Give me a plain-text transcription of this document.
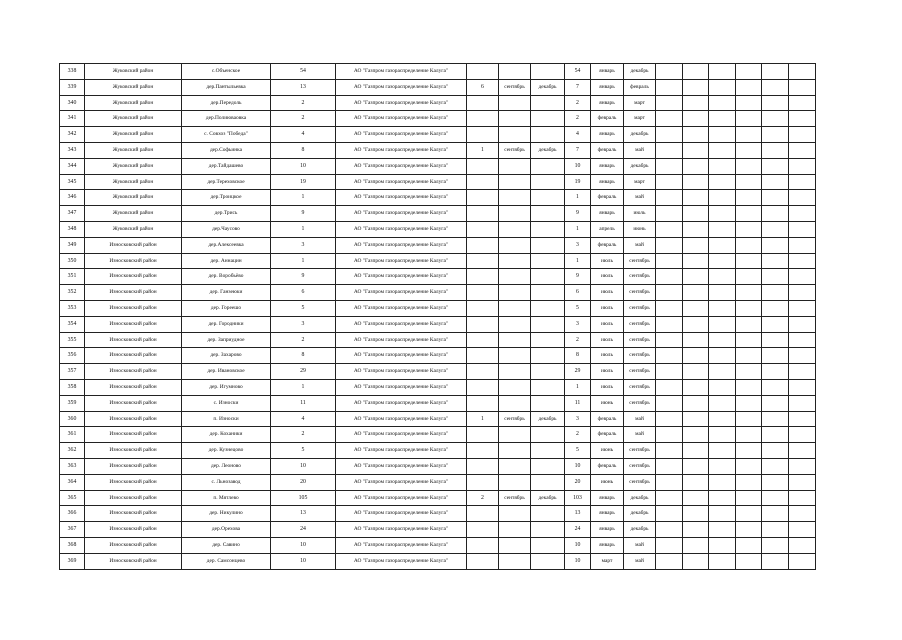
338	Жуковский район	с.Объенское	54	АО "Газпром газораспределение Калуга"				54	январь	декабрь						
339	Жуковский район	дер.Пантыльевка	13	АО "Газпром газораспределение Калуга"	6	сентябрь	декабрь	7	январь	февраль						
340	Жуковский район	дер.Передоль	2	АО "Газпром газораспределение Калуга"				2	январь	март						
341	Жуковский район	дер.Полиюваовка	2	АО "Газпром газораспределение Калуга"				2	февраль	март						
342	Жуковский район	с. Совхоз "Победа"	4	АО "Газпром газораспределение Калуга"				4	январь	декабрь						
343	Жуковский район	дер.Софьинка	8	АО "Газпром газораспределение Калуга"	1	сентябрь	декабрь	7	февраль	май						
344	Жуковский район	дер.Тайдашево	10	АО "Газпром газораспределение Калуга"				10	январь	декабрь						
345	Жуковский район	дер.Тереховское	19	АО "Газпром газораспределение Калуга"				19	январь	март						
346	Жуковский район	дер.Троицкое	1	АО "Газпром газораспределение Калуга"				1	февраль	май						
347	Жуковский район	дер.Трись	9	АО "Газпром газораспределение Калуга"				9	январь	июль						
348	Жуковский район	дер.Чаусово	1	АО "Газпром газораспределение Калуга"				1	апрель	июнь						
349	Износковский район	дер.Алексеевка	3	АО "Газпром газораспределение Калуга"				3	февраль	май						
350	Износковский район	дер. Аннацин	1	АО "Газпром газораспределение Калуга"				1	июль	сентябрь						
351	Износковский район	дер. Воробьёво	9	АО "Газпром газораспределение Калуга"				9	июль	сентябрь						
352	Износковский район	дер. Ганзеюки	6	АО "Газпром газораспределение Калуга"				6	июль	сентябрь						
353	Износковский район	дер. Гореешо	5	АО "Газпром газораспределение Калуга"				5	июль	сентябрь						
354	Износковский район	дер. Городники	3	АО "Газпром газораспределение Калуга"				3	июль	сентябрь						
355	Износковский район	дер. Заприудное	2	АО "Газпром газораспределение Калуга"				2	июль	сентябрь						
356	Износковский район	дер. Захарово	8	АО "Газпром газораспределение Калуга"				8	июль	сентябрь						
357	Износковский район	дер. Ивановское	29	АО "Газпром газораспределение Калуга"				29	июль	сентябрь						
358	Износковский район	дер. Игумново	1	АО "Газпром газораспределение Калуга"				1	июль	сентябрь						
359	Износковский район	с. Износки	11	АО "Газпром газораспределение Калуга"				11	июнь	сентябрь						
360	Износковский район	п. Износки	4	АО "Газпром газораспределение Калуга"	1	сентябрь	декабрь	3	февраль	май						
361	Износковский район	дер. Коханики	2	АО "Газпром газораспределение Калуга"				2	февраль	май						
362	Износковский район	дер. Кузнецово	5	АО "Газпром газораспределение Калуга"				5	июнь	сентябрь						
363	Износковский район	дер. Леоново	10	АО "Газпром газораспределение Калуга"				10	февраль	сентябрь						
364	Износковский район	с. Льнозавод	20	АО "Газпром газораспределение Калуга"				20	июнь	сентябрь						
365	Износковский район	п. Мятлево	105	АО "Газпром газораспределение Калуга"	2	сентябрь	декабрь	103	январь	декабрь						
366	Износковский район	дер. Никулино	13	АО "Газпром газораспределение Калуга"				13	январь	декабрь						
367	Износковский район	дер.Орехова	24	АО "Газпром газораспределение Калуга"				24	январь	декабрь						
368	Износковский район	дер. Савино	10	АО "Газпром газораспределение Калуга"				10	январь	май						
369	Износковский район	дер. Самсонцево	10	АО "Газпром газораспределение Калуга"				10	март	май						
